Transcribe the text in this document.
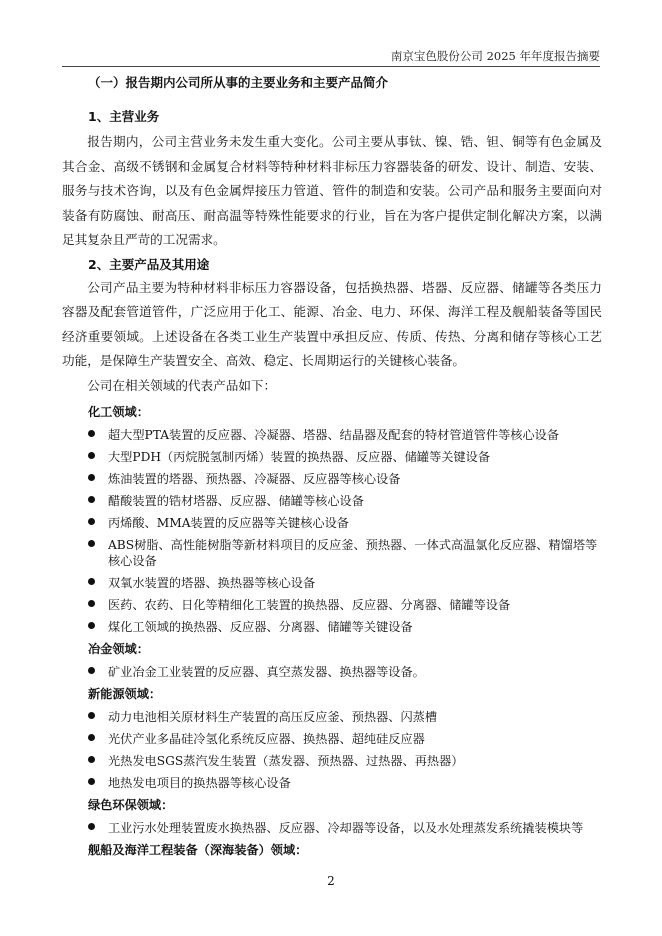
南京宝色股份公司 2025 年年度报告摘要
（一）报告期内公司所从事的主要业务和主要产品简介
1、主营业务
报告期内，公司主营业务未发生重大变化。公司主要从事钛、镍、锆、钽、铜等有色金属及其合金、高级不锈钢和金属复合材料等特种材料非标压力容器装备的研发、设计、制造、安装、服务与技术咨询，以及有色金属焊接压力管道、管件的制造和安装。公司产品和服务主要面向对装备有防腐蚀、耐高压、耐高温等特殊性能要求的行业，旨在为客户提供定制化解决方案，以满足其复杂且严苛的工况需求。
2、主要产品及其用途
公司产品主要为特种材料非标压力容器设备，包括换热器、塔器、反应器、储罐等各类压力容器及配套管道管件，广泛应用于化工、能源、冶金、电力、环保、海洋工程及舰船装备等国民经济重要领域。上述设备在各类工业生产装置中承担反应、传质、传热、分离和储存等核心工艺功能，是保障生产装置安全、高效、稳定、长周期运行的关键核心装备。
公司在相关领域的代表产品如下：
化工领域：
超大型PTA装置的反应器、冷凝器、塔器、结晶器及配套的特材管道管件等核心设备
大型PDH（丙烷脱氢制丙烯）装置的换热器、反应器、储罐等关键设备
炼油装置的塔器、预热器、冷凝器、反应器等核心设备
醋酸装置的锆材塔器、反应器、储罐等核心设备
丙烯酸、MMA装置的反应器等关键核心设备
ABS树脂、高性能树脂等新材料项目的反应釜、预热器、一体式高温氯化反应器、精馏塔等核心设备
双氧水装置的塔器、换热器等核心设备
医药、农药、日化等精细化工装置的换热器、反应器、分离器、储罐等设备
煤化工领域的换热器、反应器、分离器、储罐等关键设备
冶金领域：
矿业冶金工业装置的反应器、真空蒸发器、换热器等设备。
新能源领域：
动力电池相关原材料生产装置的高压反应釜、预热器、闪蒸槽
光伏产业多晶硅冷氢化系统反应器、换热器、超纯硅反应器
光热发电SGS蒸汽发生装置（蒸发器、预热器、过热器、再热器）
地热发电项目的换热器等核心设备
绿色环保领域：
工业污水处理装置废水换热器、反应器、冷却器等设备，以及水处理蒸发系统撬装模块等
舰船及海洋工程装备（深海装备）领域：
2
